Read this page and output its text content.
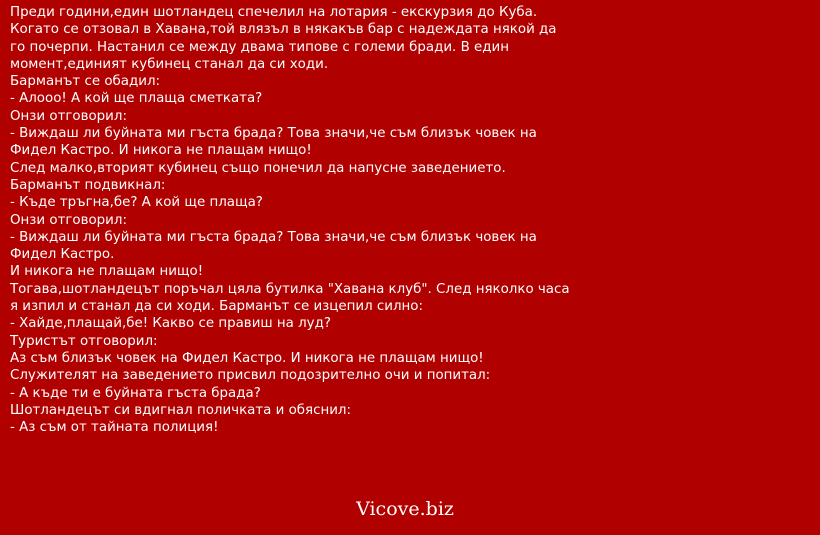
Преди години,един шотландец спечелил на лотария - екскурзия до Куба.
Когато се отзовал в Хавана,той влязъл в някакъв бар с надеждата някой да
го почерпи. Настанил се между двама типове с големи бради. В един
момент,единият кубинец станал да си ходи.
Барманът се обадил:
- Алооо! А кой ще плаща сметката?
Онзи отговорил:
- Виждаш ли буйната ми гъста брада? Това значи,че съм близък човек на
Фидел Кастро. И никога не плащам нищо!
След малко,вторият кубинец също понечил да напусне заведението.
Барманът подвикнал:
- Къде тръгна,бе? А кой ще плаща?
Онзи отговорил:
- Виждаш ли буйната ми гъста брада? Това значи,че съм близък човек на
Фидел Кастро.
И никога не плащам нищо!
Тогава,шотландецът поръчал цяла бутилка "Хавана клуб". След няколко часа
я изпил и станал да си ходи. Барманът се изцепил силно:
- Хайде,плащай,бе! Какво се правиш на луд?
Туристът отговорил:
Аз съм близък човек на Фидел Кастро. И никога не плащам нищо!
Служителят на заведението присвил подозрително очи и попитал:
- А къде ти е буйната гъста брада?
Шотландецът си вдигнал поличката и обяснил:
- Аз съм от тайната полиция!
Vicove.biz
